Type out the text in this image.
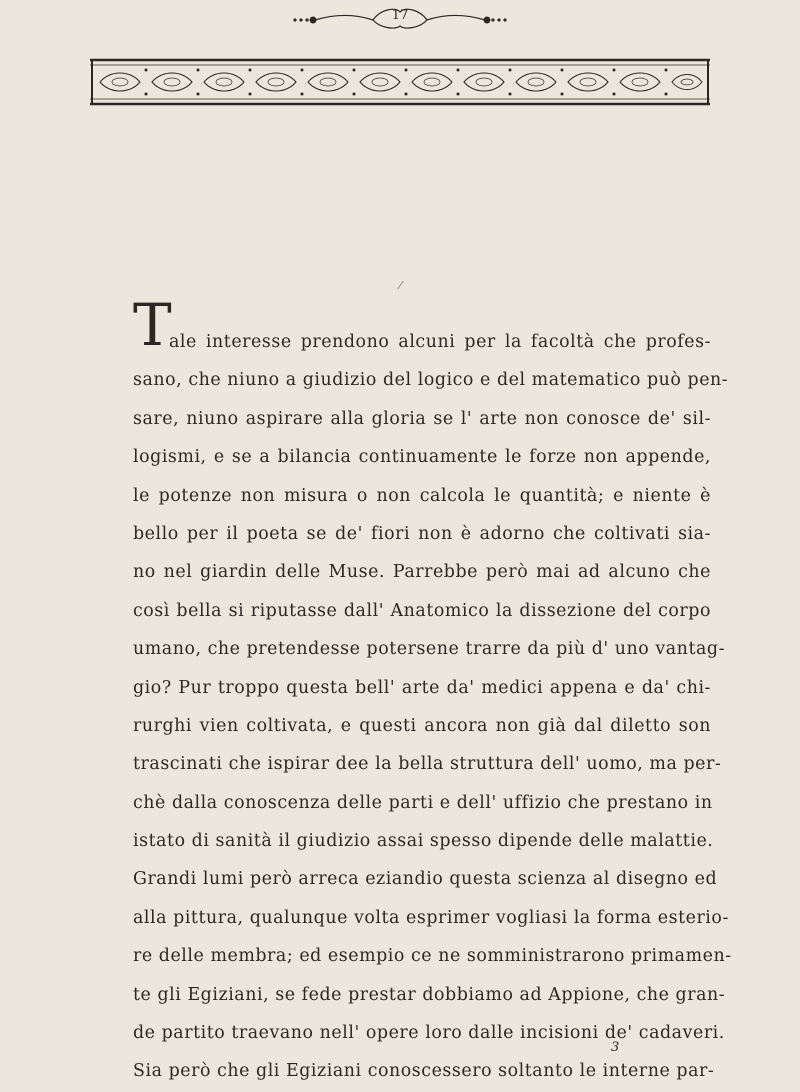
17
T
ale interesse prendono alcuni per la facoltà che profes-
sano, che niuno a giudizio del logico e del matematico può pen-
sare, niuno aspirare alla gloria se l' arte non conosce de' sil-
logismi, e se a bilancia continuamente le forze non appende,
le potenze non misura o non calcola le quantità; e niente è
bello per il poeta se de' fiori non è adorno che coltivati sia-
no nel giardin delle Muse. Parrebbe però mai ad alcuno che
così bella si riputasse dall' Anatomico la dissezione del corpo
umano, che pretendesse potersene trarre da più d' uno vantag-
gio? Pur troppo questa bell' arte da' medici appena e da' chi-
rurghi vien coltivata, e questi ancora non già dal diletto son
trascinati che ispirar dee la bella struttura dell' uomo, ma per-
chè dalla conoscenza delle parti e dell' uffizio che prestano in
istato di sanità il giudizio assai spesso dipende delle malattie.
Grandi lumi però arreca eziandio questa scienza al disegno ed
alla pittura, qualunque volta esprimer vogliasi la forma esterio-
re delle membra; ed esempio ce ne somministrarono primamen-
te gli Egiziani, se fede prestar dobbiamo ad Appione, che gran-
de partito traevano nell' opere loro dalle incisioni de' cadaveri.
Sia però che gli Egiziani conoscessero soltanto le interne par-
3
